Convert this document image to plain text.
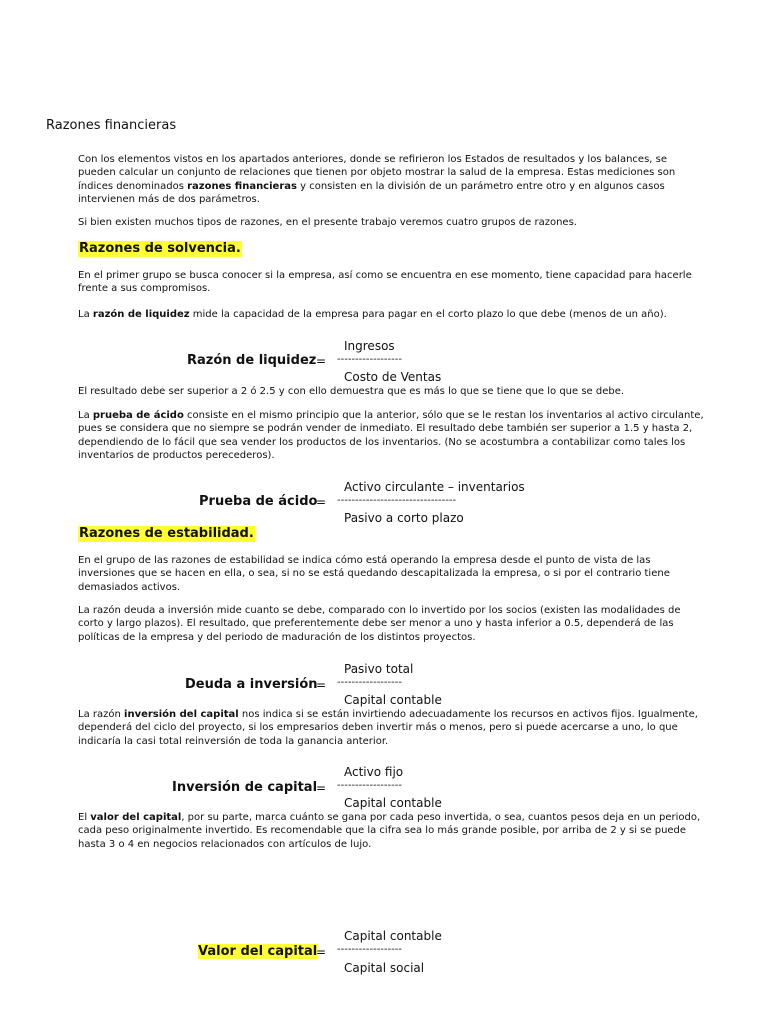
Razones financieras
Con los elementos vistos en los apartados anteriores, donde se refirieron los Estados de resultados y los balances, se pueden calcular un conjunto de relaciones que tienen por objeto mostrar la salud de la empresa. Estas mediciones son índices denominados razones financieras y consisten en la división de un parámetro entre otro y en algunos casos intervienen más de dos parámetros.
Si bien existen muchos tipos de razones, en el presente trabajo veremos cuatro grupos de razones.
Razones de solvencia.
En el primer grupo se busca conocer si la empresa, así como se encuentra en ese momento, tiene capacidad para hacerle frente a sus compromisos.
La razón de liquidez mide la capacidad de la empresa para pagar en el corto plazo lo que debe (menos de un año).
Razón de liquidez =
Ingresos
------------------
Costo de Ventas
El resultado debe ser superior a 2 ó 2.5 y con ello demuestra que es más lo que se tiene que lo que se debe.
La prueba de ácido consiste en el mismo principio que la anterior, sólo que se le restan los inventarios al activo circulante, pues se considera que no siempre se podrán vender de inmediato. El resultado debe también ser superior a 1.5 y hasta 2, dependiendo de lo fácil que sea vender los productos de los inventarios. (No se acostumbra a contabilizar como tales los inventarios de productos perecederos).
Prueba de ácido
=
Activo circulante – inventarios
---------------------------------
Pasivo a corto plazo
Razones de estabilidad.
En el grupo de las razones de estabilidad se indica cómo está operando la empresa desde el punto de vista de las inversiones que se hacen en ella, o sea, si no se está quedando descapitalizada la empresa, o si por el contrario tiene demasiados activos.
La razón deuda a inversión mide cuanto se debe, comparado con lo invertido por los socios (existen las modalidades de corto y largo plazos). El resultado, que preferentemente debe ser menor a uno y hasta inferior a 0.5, dependerá de las políticas de la empresa y del periodo de maduración de los distintos proyectos.
Deuda a inversión
=
Pasivo total
------------------
Capital contable
La razón inversión del capital nos indica si se están invirtiendo adecuadamente los recursos en activos fijos. Igualmente, dependerá del ciclo del proyecto, si los empresarios deben invertir más o menos, pero si puede acercarse a uno, lo que indicaría la casi total reinversión de toda la ganancia anterior.
Inversión de capital
=
Activo fijo
------------------
Capital contable
El valor del capital, por su parte, marca cuánto se gana por cada peso invertida, o sea, cuantos pesos deja en un periodo, cada peso originalmente invertido. Es recomendable que la cifra sea lo más grande posible, por arriba de 2 y si se puede hasta 3 o 4 en negocios relacionados con artículos de lujo.
Valor del capital
=
Capital contable
------------------
Capital social
